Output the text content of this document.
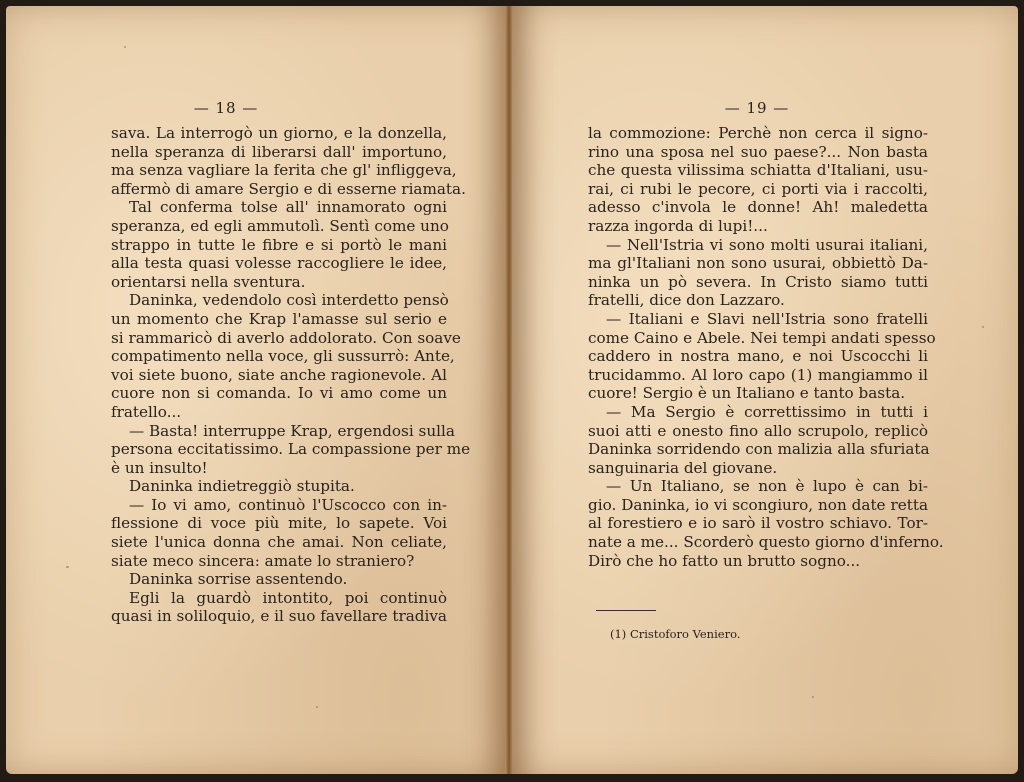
— 18 —
sava. La interrogò un giorno, e la donzella,
nella speranza di liberarsi dall' importuno,
ma senza vagliare la ferita che gl' infliggeva,
affermò di amare Sergio e di esserne riamata.
Tal conferma tolse all' innamorato ogni
speranza, ed egli ammutolì. Sentì come uno
strappo in tutte le fibre e si portò le mani
alla testa quasi volesse raccogliere le idee,
orientarsi nella sventura.
Daninka, vedendolo così interdetto pensò
un momento che Krap l'amasse sul serio e
si rammaricò di averlo addolorato. Con soave
compatimento nella voce, gli sussurrò: Ante,
voi siete buono, siate anche ragionevole. Al
cuore non si comanda. Io vi amo come un
fratello...
— Basta! interruppe Krap, ergendosi sulla
persona eccitatissimo. La compassione per me
è un insulto!
Daninka indietreggiò stupita.
— Io vi amo, continuò l'Uscocco con in-
flessione di voce più mite, lo sapete. Voi
siete l'unica donna che amai. Non celiate,
siate meco sincera: amate lo straniero?
Daninka sorrise assentendo.
Egli la guardò intontito, poi continuò
quasi in soliloquio, e il suo favellare tradiva
— 19 —
la commozione: Perchè non cerca il signo-
rino una sposa nel suo paese?... Non basta
che questa vilissima schiatta d'Italiani, usu-
rai, ci rubi le pecore, ci porti via i raccolti,
adesso c'invola le donne! Ah! maledetta
razza ingorda di lupi!...
— Nell'Istria vi sono molti usurai italiani,
ma gl'Italiani non sono usurai, obbiettò Da-
ninka un pò severa. In Cristo siamo tutti
fratelli, dice don Lazzaro.
— Italiani e Slavi nell'Istria sono fratelli
come Caino e Abele. Nei tempi andati spesso
caddero in nostra mano, e noi Uscocchi li
trucidammo. Al loro capo (1) mangiammo il
cuore! Sergio è un Italiano e tanto basta.
— Ma Sergio è correttissimo in tutti i
suoi atti e onesto fino allo scrupolo, replicò
Daninka sorridendo con malizia alla sfuriata
sanguinaria del giovane.
— Un Italiano, se non è lupo è can bi-
gio. Daninka, io vi scongiuro, non date retta
al forestiero e io sarò il vostro schiavo. Tor-
nate a me... Scorderò questo giorno d'inferno.
Dirò che ho fatto un brutto sogno...
(1) Cristoforo Veniero.
